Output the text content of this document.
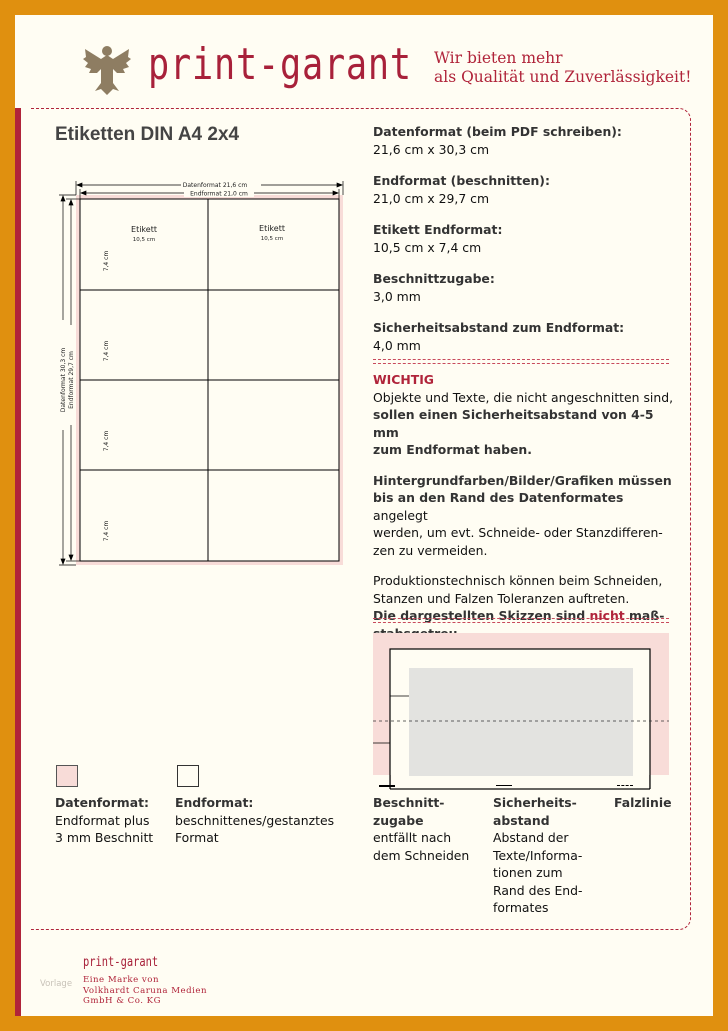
print-garant Wir bieten mehr
als Qualität und Zuverlässigkeit!
Etiketten DIN A4 2x4
Datenformat 21,6 cm
Endformat 21,0 cm
Datenformat 30,3 cm Endformat 29,7 cm
Etikett
10,5 cm
Etikett
10,5 cm
7,4 cm
7,4 cm
7,4 cm
7,4 cm
Datenformat (beim PDF schreiben):
21,6 cm x 30,3 cm
Endformat (beschnitten):
21,0 cm x 29,7 cm
Etikett Endformat:
10,5 cm x 7,4 cm
Beschnittzugabe:
3,0 mm
Sicherheitsabstand zum Endformat:
4,0 mm
WICHTIG
Objekte und Texte, die nicht angeschnitten sind,
sollen einen Sicherheitsabstand von 4-5 mm
zum Endformat haben.
Hintergrundfarben/Bilder/Grafiken müssen
bis an den Rand des Datenformates angelegt
werden, um evt. Schneide- oder Stanzdifferen-
zen zu vermeiden.
Produktionstechnisch können beim Schneiden,
Stanzen und Falzen Toleranzen auftreten.
Die dargestellten Skizzen sind nicht maß-
Datenformat:
Endformat plus
3 mm Beschnitt
Endformat:
beschnittenes/gestanztes
Format
Beschnitt-
zugabe
entfällt nach
dem Schneiden
Sicherheits-
abstand
Abstand der
Texte/Informa-
tionen zum
Rand des End-
formates
Falzlinie
Vorlage
print-garant
Eine Marke von
Volkhardt Caruna Medien
GmbH & Co. KG
